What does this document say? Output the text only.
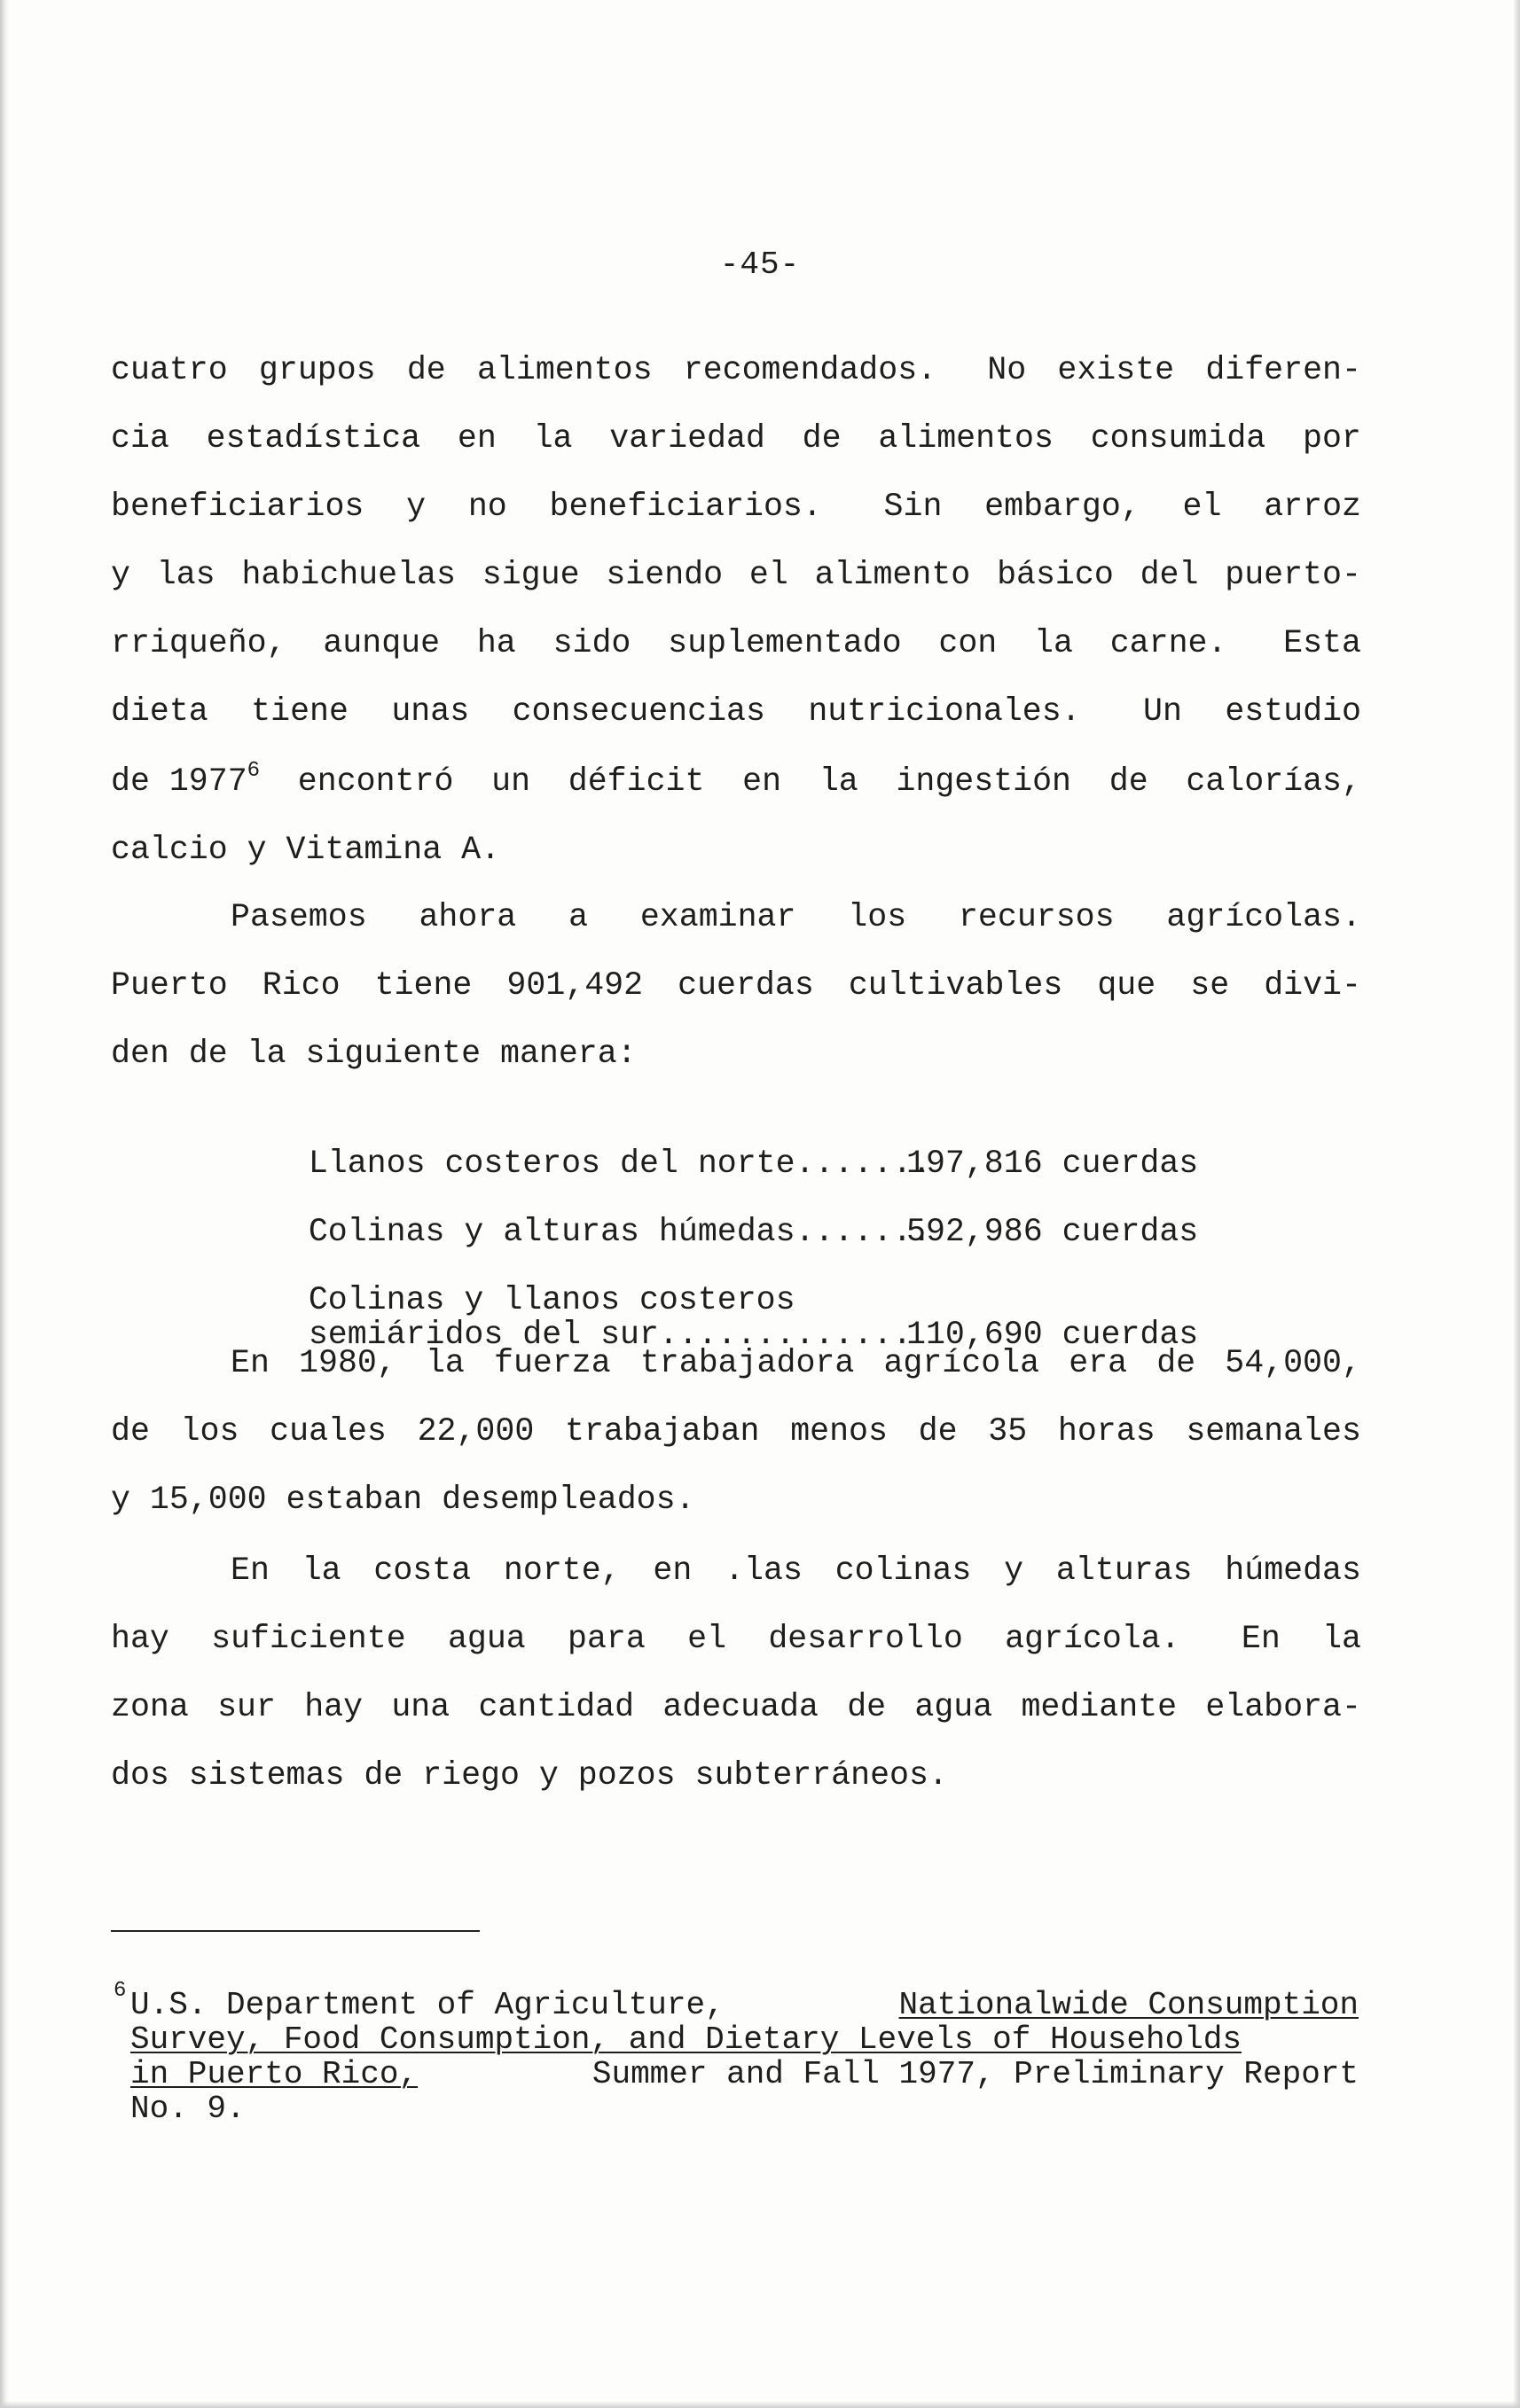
-45-
cuatro grupos de alimentos recomendados. No existe diferen-
cia estadística en la variedad de alimentos consumida por
beneficiarios y no beneficiarios. Sin embargo, el arroz
y las habichuelas sigue siendo el alimento básico del puerto-
rriqueño, aunque ha sido suplementado con la carne. Esta
dieta tiene unas consecuencias nutricionales. Un estudio
de 1977$^6$ encontró un déficit en la ingestión de calorías,
calcio y Vitamina A.
Pasemos ahora a examinar los recursos agrícolas.
Puerto Rico tiene 901,492 cuerdas cultivables que se divi-
den de la siguiente manera:

Llanos costeros del norte.......
197,816 cuerdas

Colinas y alturas húmedas.......
592,986 cuerdas

Colinas y llanos costeros

semiáridos del sur.............
110,690 cuerdas

En 1980, la fuerza trabajadora agrícola era de 54,000,
de los cuales 22,000 trabajaban menos de 35 horas semanales
y 15,000 estaban desempleados.
En la costa norte, en .las colinas y alturas húmedas
hay suficiente agua para el desarrollo agrícola. En la
zona sur hay una cantidad adecuada de agua mediante elabora-
dos sistemas de riego y pozos subterráneos.
6

U.S. Department of Agriculture,	Nationalwide Consumption

Survey, Food Consumption, and Dietary Levels of Households

in Puerto Rico,	Summer and Fall 1977, Preliminary Report

No. 9.
